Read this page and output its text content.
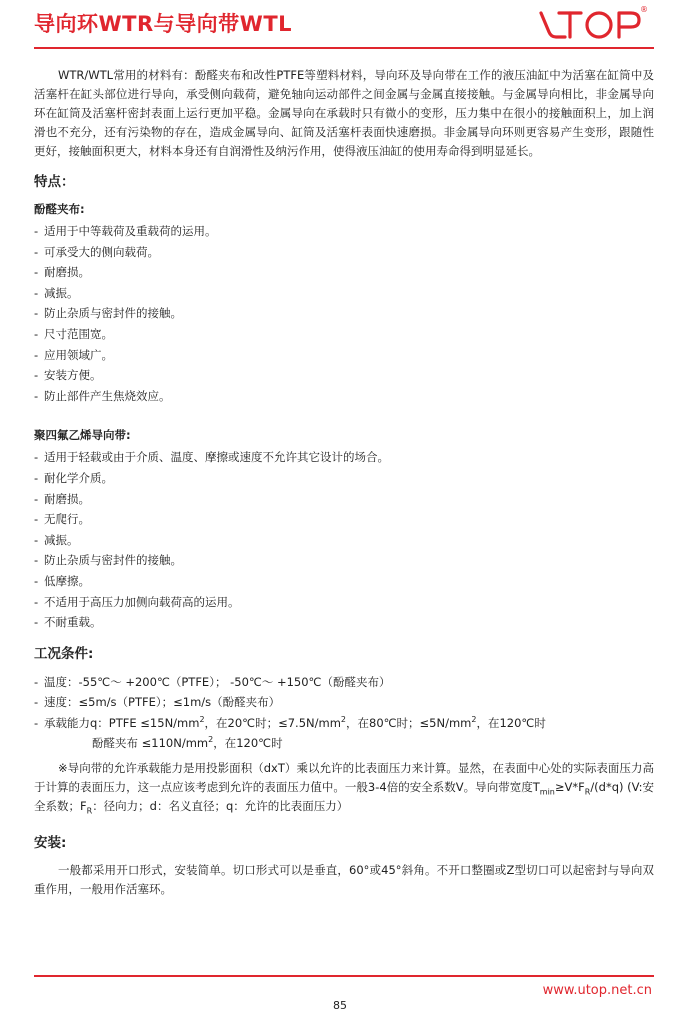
导向环WTR与导向带WTL
®

WTR/WTL常用的材料有：酚醛夹布和改性PTFE等塑料材料，导向环及导向带在工作的液压油缸中为活塞在缸筒中及活塞杆在缸头部位进行导向，承受侧向载荷，避免轴向运动部件之间金属与金属直接接触。与金属导向相比，非金属导向环在缸筒及活塞杆密封表面上运行更加平稳。金属导向在承载时只有微小的变形，压力集中在很小的接触面积上，加上润滑也不充分，还有污染物的存在，造成金属导向、缸筒及活塞杆表面快速磨损。非金属导向环则更容易产生变形，跟随性更好，接触面积更大，材料本身还有自润滑性及纳污作用，使得液压油缸的使用寿命得到明显延长。

特点：
酚醛夹布:
- 适用于中等载荷及重载荷的运用。
- 可承受大的侧向载荷。
- 耐磨损。
- 减振。
- 防止杂质与密封件的接触。
- 尺寸范围宽。
- 应用领域广。
- 安装方便。
- 防止部件产生焦烧效应。
聚四氟乙烯导向带:
- 适用于轻载或由于介质、温度、摩擦或速度不允许其它设计的场合。
- 耐化学介质。
- 耐磨损。
- 无爬行。
- 减振。
- 防止杂质与密封件的接触。
- 低摩擦。
- 不适用于高压力加侧向载荷高的运用。
- 不耐重载。
工况条件:
- 温度：-55℃～ +200℃（PTFE）； -50℃～ +150℃（酚醛夹布）
- 速度：≤5m/s（PTFE）；≤1m/s（酚醛夹布）
- 承载能力q：PTFE $\le 15N/mm^2$，在20℃时；$\le 7.5N/mm^2$，在80℃时；$\le 5N/mm^2$，在120℃时
酚醛夹布 $\le 110N/mm^2$，在120℃时

※导向带的允许承载能力是用投影面积（dxT）乘以允许的比表面压力来计算。显然，在表面中心处的实际表面压力高于计算的表面压力，这一点应该考虑到允许的表面压力值中。一般3-4倍的安全系数V。导向带宽度$T_{min}\ge V*F_R/(d*q)$ (V:安全系数；$F_R$：径向力；d：名义直径；q：允许的比表面压力）

安装:

一般都采用开口形式，安装简单。切口形式可以是垂直，60°或45°斜角。不开口整圈或Z型切口可以起密封与导向双重作用，一般用作活塞环。

www.utop.net.cn
85
